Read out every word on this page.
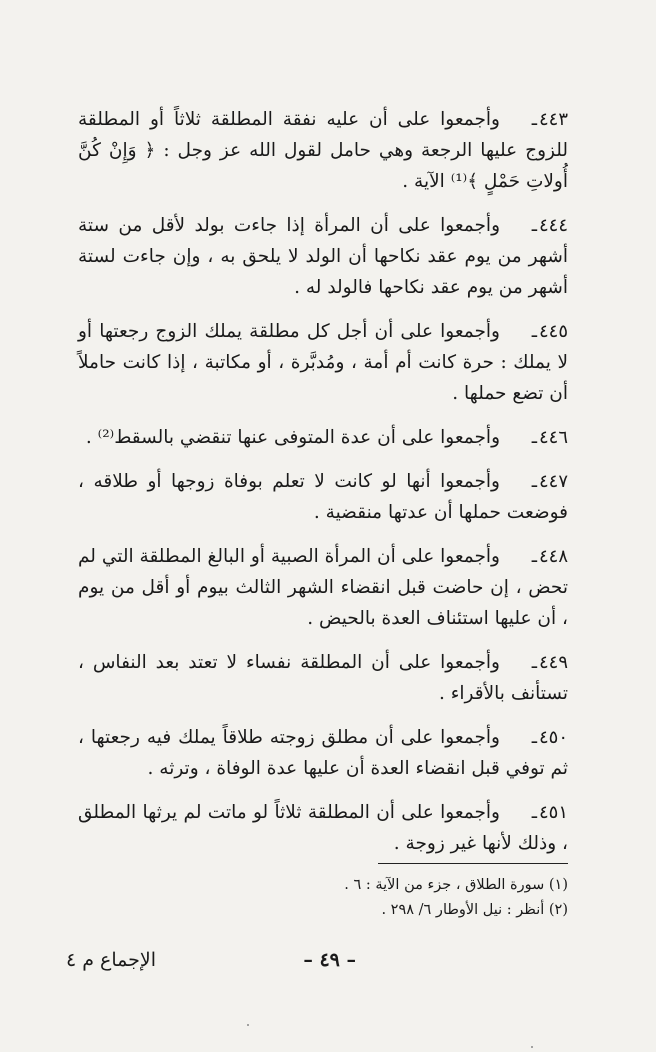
٤٤٣ـ

وأجمعوا على أن عليه نفقة المطلقة ثلاثاً أو المطلقة للزوج عليها الرجعة وهي حامل لقول الله عز وجل : ﴿ وَإِنْ كُنَّ أُولاتِ حَمْلٍ ﴾⁽¹⁾ الآية .

٤٤٤ـ

وأجمعوا على أن المرأة إذا جاءت بولد لأقل من ستة أشهر من يوم عقد نكاحها أن الولد لا يلحق به ، وإن جاءت لستة أشهر من يوم عقد نكاحها فالولد له .

٤٤٥ـ

وأجمعوا على أن أجل كل مطلقة يملك الزوج رجعتها أو لا يملك : حرة كانت أم أمة ، ومُدبَّرة ، أو مكاتبة ، إذا كانت حاملاً أن تضع حملها .

٤٤٦ـ

وأجمعوا على أن عدة المتوفى عنها تنقضي بالسقط⁽²⁾ .

٤٤٧ـ

وأجمعوا أنها لو كانت لا تعلم بوفاة زوجها أو طلاقه ، فوضعت حملها أن عدتها منقضية .

٤٤٨ـ

وأجمعوا على أن المرأة الصبية أو البالغ المطلقة التي لم تحض ، إن حاضت قبل انقضاء الشهر الثالث بيوم أو أقل من يوم ، أن عليها استئناف العدة بالحيض .

٤٤٩ـ

وأجمعوا على أن المطلقة نفساء لا تعتد بعد النفاس ، تستأنف بالأقراء .

٤٥٠ـ

وأجمعوا على أن مطلق زوجته طلاقاً يملك فيه رجعتها ، ثم توفي قبل انقضاء العدة أن عليها عدة الوفاة ، وترثه .

٤٥١ـ

وأجمعوا على أن المطلقة ثلاثاً لو ماتت لم يرثها المطلق ، وذلك لأنها غير زوجة .

(١) سورة الطلاق ، جزء من الآية : ٦ .

(٢) أنظر : نيل الأوطار ٦/ ٢٩٨ .

– ٤٩ –
الإجماع م ٤
